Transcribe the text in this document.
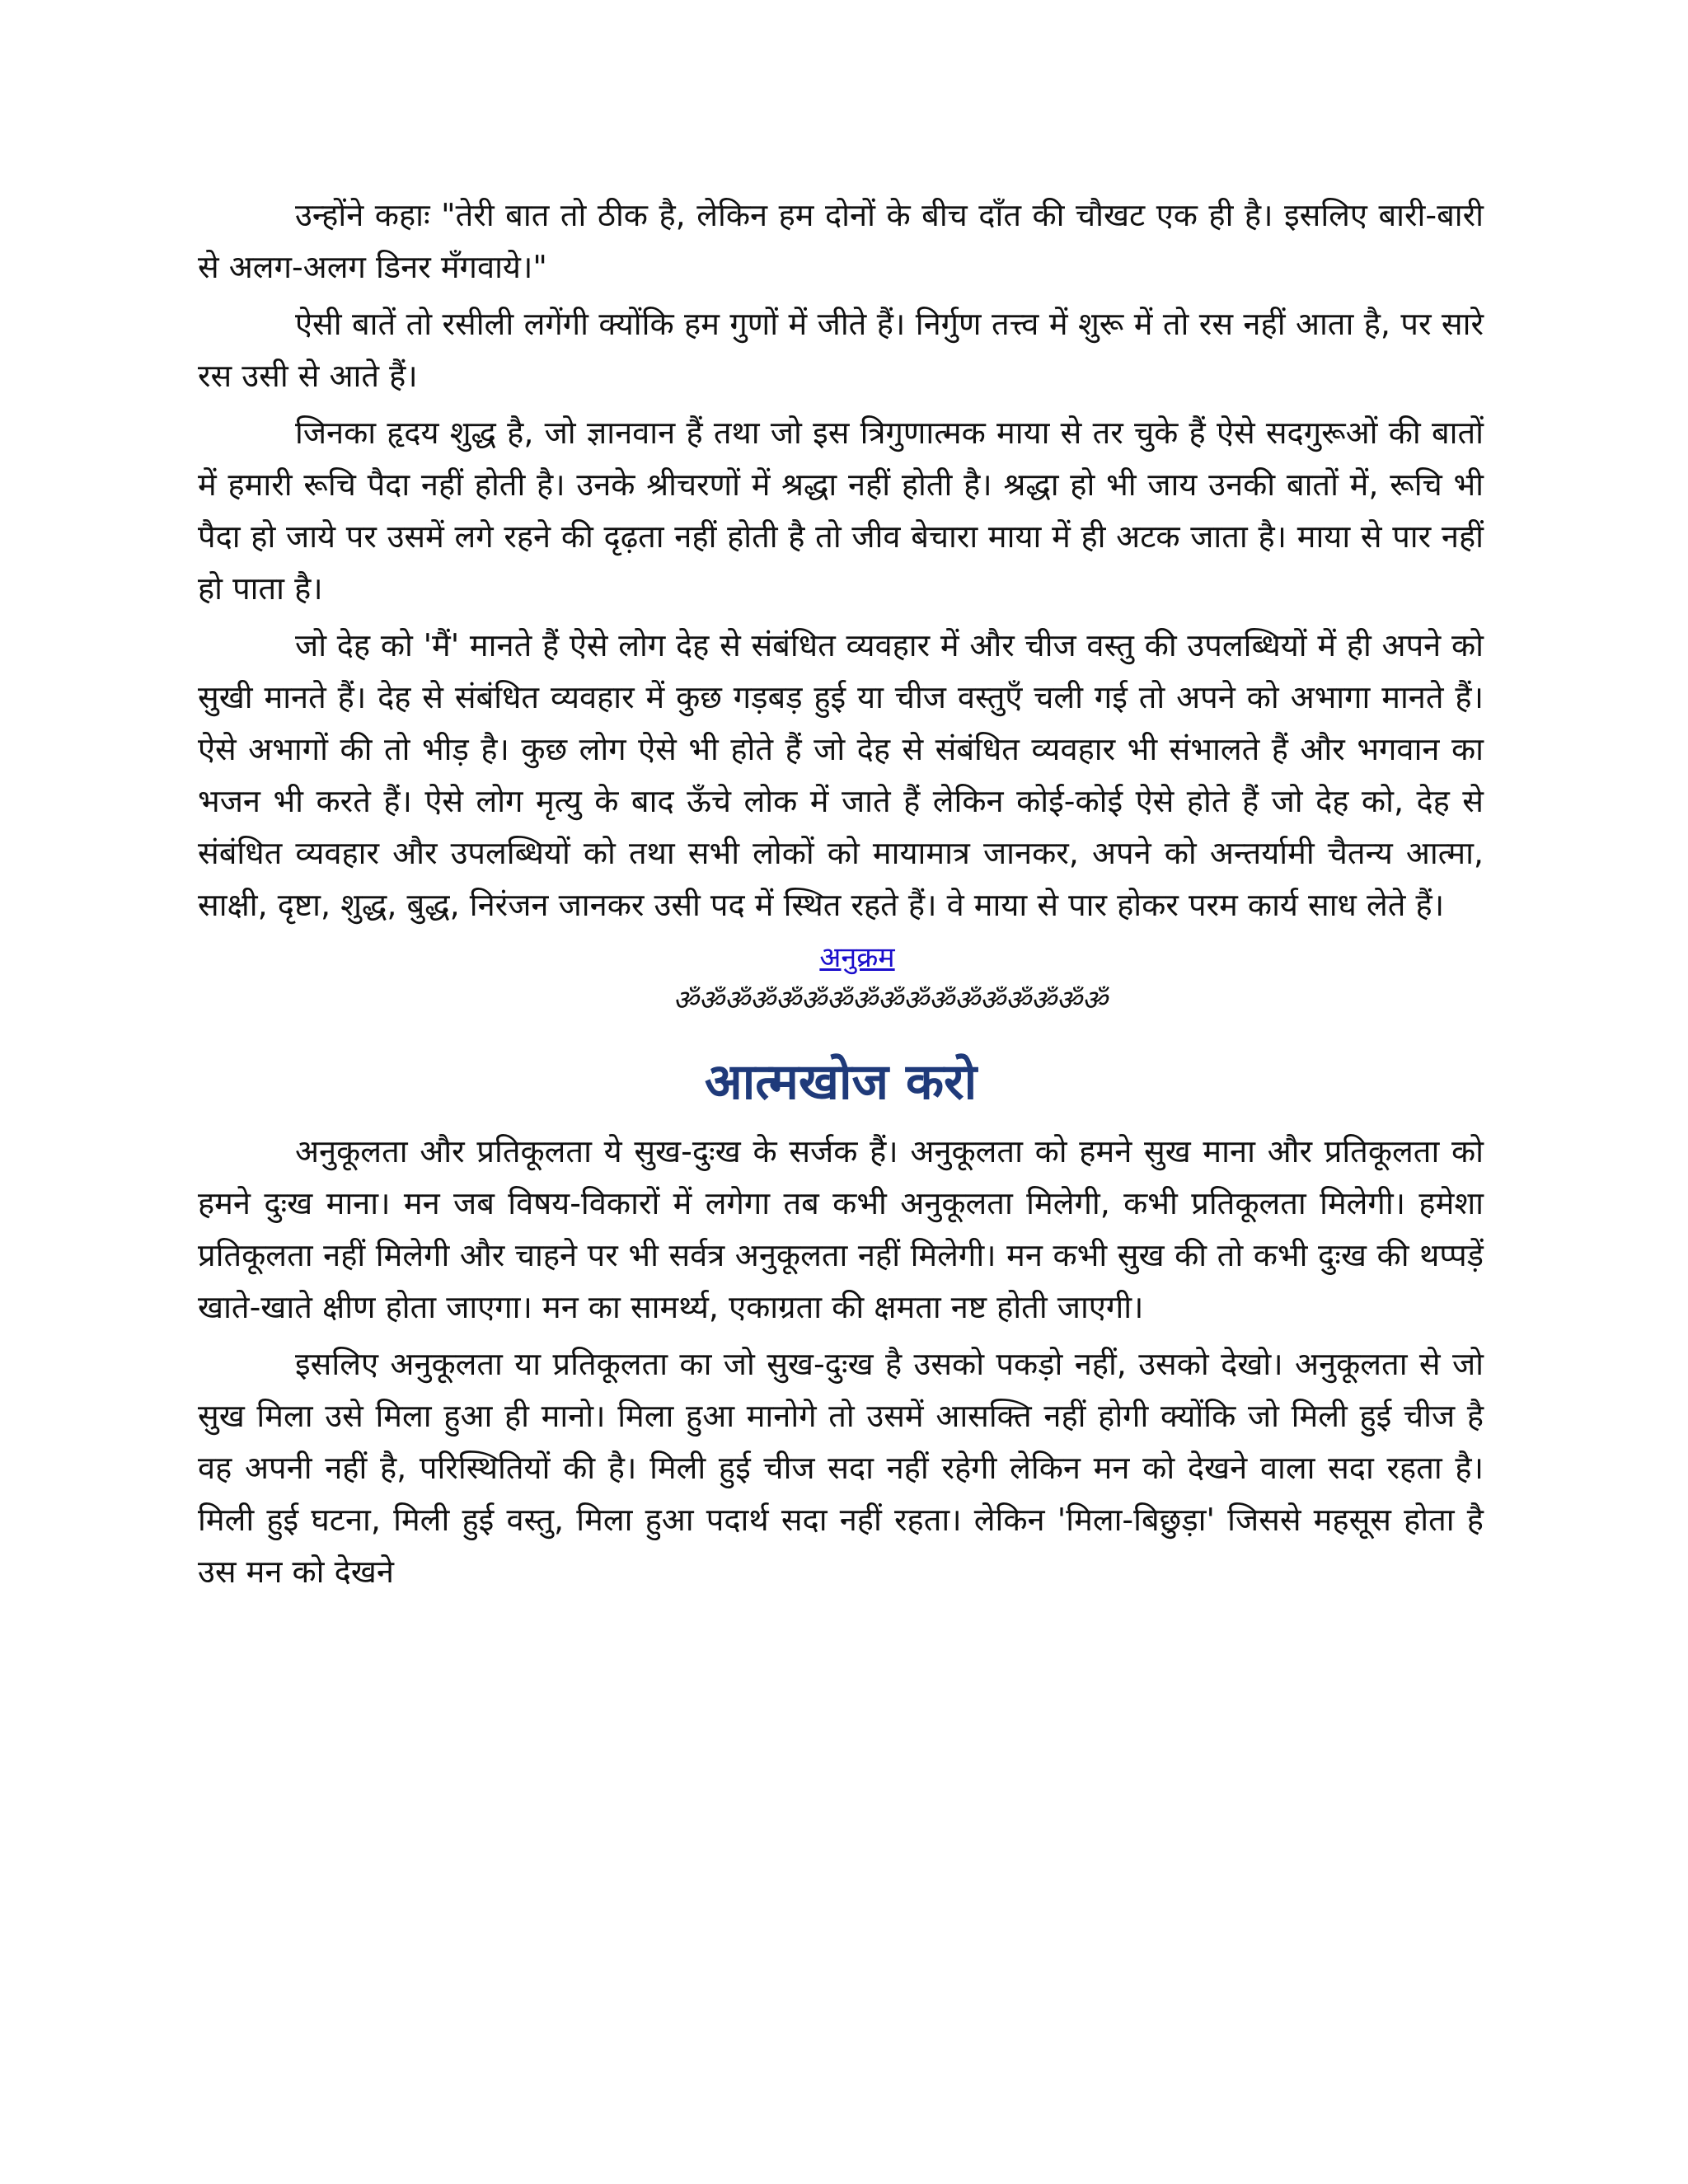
उन्होंने कहाः "तेरी बात तो ठीक है, लेकिन हम दोनों के बीच दाँत की चौखट एक ही है। इसलिए बारी-बारी से अलग-अलग डिनर मँगवाये।"

ऐसी बातें तो रसीली लगेंगी क्योंकि हम गुणों में जीते हैं। निर्गुण तत्त्व में शुरू में तो रस नहीं आता है, पर सारे रस उसी से आते हैं।

जिनका हृदय शुद्ध है, जो ज्ञानवान हैं तथा जो इस त्रिगुणात्मक माया से तर चुके हैं ऐसे सदगुरूओं की बातों में हमारी रूचि पैदा नहीं होती है। उनके श्रीचरणों में श्रद्धा नहीं होती है। श्रद्धा हो भी जाय उनकी बातों में, रूचि भी पैदा हो जाये पर उसमें लगे रहने की दृढ़ता नहीं होती है तो जीव बेचारा माया में ही अटक जाता है। माया से पार नहीं हो पाता है।

जो देह को 'मैं' मानते हैं ऐसे लोग देह से संबंधित व्यवहार में और चीज वस्तु की उपलब्धियों में ही अपने को सुखी मानते हैं। देह से संबंधित व्यवहार में कुछ गड़बड़ हुई या चीज वस्तुएँ चली गई तो अपने को अभागा मानते हैं। ऐसे अभागों की तो भीड़ है। कुछ लोग ऐसे भी होते हैं जो देह से संबंधित व्यवहार भी संभालते हैं और भगवान का भजन भी करते हैं। ऐसे लोग मृत्यु के बाद ऊँचे लोक में जाते हैं लेकिन कोई-कोई ऐसे होते हैं जो देह को, देह से संबंधित व्यवहार और उपलब्धियों को तथा सभी लोकों को मायामात्र जानकर, अपने को अन्तर्यामी चैतन्य आत्मा, साक्षी, दृष्टा, शुद्ध, बुद्ध, निरंजन जानकर उसी पद में स्थित रहते हैं। वे माया से पार होकर परम कार्य साध लेते हैं।

अनुक्रम
ॐॐॐॐॐॐॐॐॐॐॐॐॐॐॐॐॐ
आत्मखोज करो

अनुकूलता और प्रतिकूलता ये सुख-दुःख के सर्जक हैं। अनुकूलता को हमने सुख माना और प्रतिकूलता को हमने दुःख माना। मन जब विषय-विकारों में लगेगा तब कभी अनुकूलता मिलेगी, कभी प्रतिकूलता मिलेगी। हमेशा प्रतिकूलता नहीं मिलेगी और चाहने पर भी सर्वत्र अनुकूलता नहीं मिलेगी। मन कभी सुख की तो कभी दुःख की थप्पड़ें खाते-खाते क्षीण होता जाएगा। मन का सामर्थ्य, एकाग्रता की क्षमता नष्ट होती जाएगी।

इसलिए अनुकूलता या प्रतिकूलता का जो सुख-दुःख है उसको पकड़ो नहीं, उसको देखो। अनुकूलता से जो सुख मिला उसे मिला हुआ ही मानो। मिला हुआ मानोगे तो उसमें आसक्ति नहीं होगी क्योंकि जो मिली हुई चीज है वह अपनी नहीं है, परिस्थितियों की है। मिली हुई चीज सदा नहीं रहेगी लेकिन मन को देखने वाला सदा रहता है। मिली हुई घटना, मिली हुई वस्तु, मिला हुआ पदार्थ सदा नहीं रहता। लेकिन 'मिला-बिछुड़ा' जिससे महसूस होता है उस मन को देखने
